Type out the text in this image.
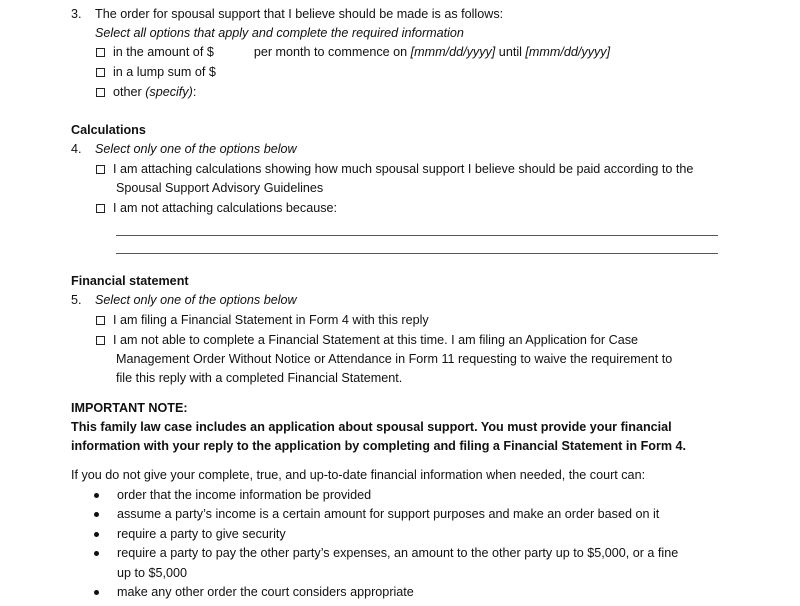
3. The order for spousal support that I believe should be made is as follows:
Select all options that apply and complete the required information
in the amount of $	per month to commence on [mmm/dd/yyyy] until [mmm/dd/yyyy]
in a lump sum of $
other (specify):
Calculations
4. Select only one of the options below
I am attaching calculations showing how much spousal support I believe should be paid according to the
Spousal Support Advisory Guidelines
I am not attaching calculations because:
Financial statement
5. Select only one of the options below
I am filing a Financial Statement in Form 4 with this reply
I am not able to complete a Financial Statement at this time. I am filing an Application for Case
Management Order Without Notice or Attendance in Form 11 requesting to waive the requirement to
file this reply with a completed Financial Statement.
IMPORTANT NOTE:
This family law case includes an application about spousal support. You must provide your financial
information with your reply to the application by completing and filing a Financial Statement in Form 4.
If you do not give your complete, true, and up-to-date financial information when needed, the court can:
order that the income information be provided
assume a party’s income is a certain amount for support purposes and make an order based on it
require a party to give security
require a party to pay the other party’s expenses, an amount to the other party up to $5,000, or a fine
up to $5,000
make any other order the court considers appropriate
